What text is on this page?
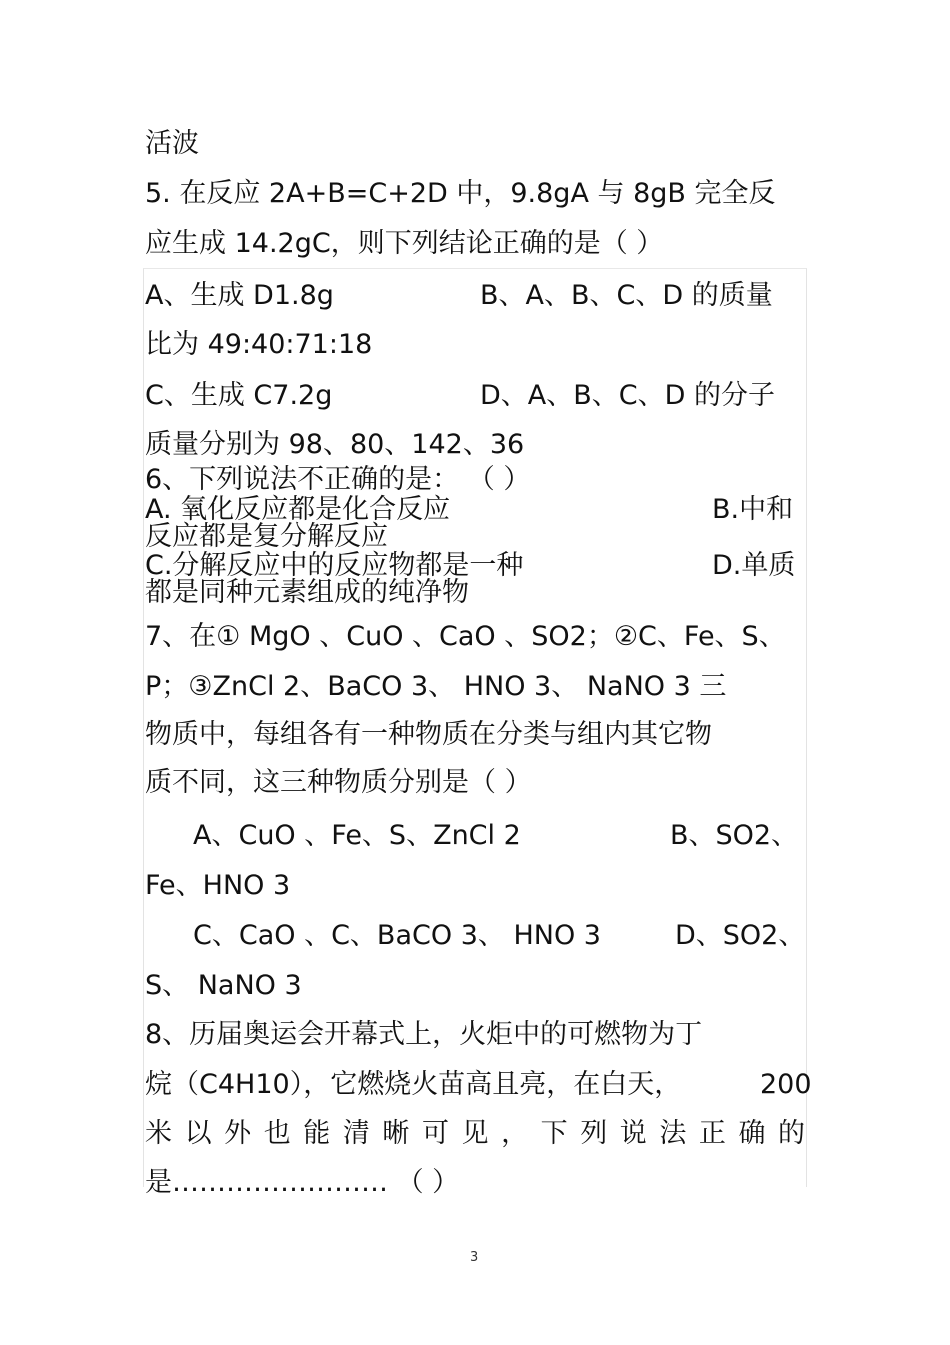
活波
5. 在反应 2A+B=C+2D 中，9.8gA 与 8gB 完全反
应生成 14.2gC，则下列结论正确的是（ ）
A、生成 D1.8g	B、A、B、C、D 的质量
比为 49:40:71:18
C、生成 C7.2g	D、A、B、C、D 的分子
质量分别为 98、80、142、36
6、下列说法不正确的是： （ ）
A. 氧化反应都是化合反应	B.中和
反应都是复分解反应
C.分解反应中的反应物都是一种	D.单质
都是同种元素组成的纯净物
7、在① MgO 、CuO 、CaO 、SO2；②C、Fe、S、
P；③ZnCl 2、BaCO 3、 HNO 3、 NaNO 3 三
物质中，每组各有一种物质在分类与组内其它物
质不同，这三种物质分别是（ ）
A、CuO 、Fe、S、ZnCl 2	B、SO2、
Fe、HNO 3
C、CaO 、C、BaCO 3、 HNO 3	D、SO2、
S、 NaNO 3
8、历届奥运会开幕式上，火炬中的可燃物为丁
烷（C4H10），它燃烧火苗高且亮，在白天，	200
米 以 外 也 能 清 晰 可 见 ， 下 列 说 法 正 确 的
是…………………… （ ）
3
